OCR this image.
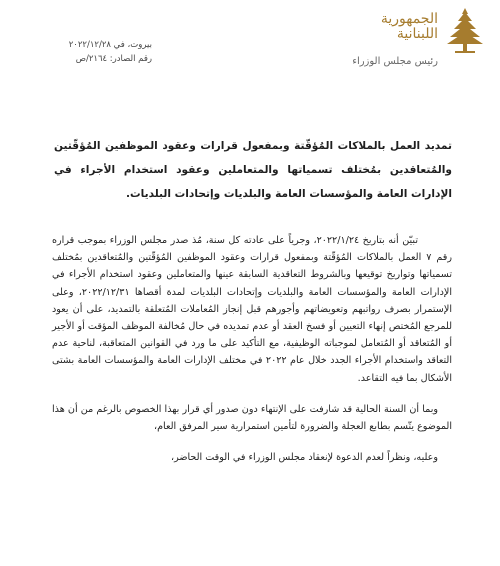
الجمهورية
اللبنانية
رئيس مجلس الوزراء
بيروت، في ٢٠٢٢/١٢/٢٨
رقم الصادر: ٢١٦٤/ص
تمديد العمل بالملاكات المُؤقّتة وبمفعول قرارات وعقود الموظفين المُؤقّتين والمُتعاقدين بمُختلف تسمياتها والمتعاملين وعقود استخدام الأجراء في الإدارات العامة والمؤسسات العامة والبلديات وإتحادات البلديات.

تبيّن أنه بتاريخ ٢٠٢٢/١/٢٤، وجرياً على عادته كل سنة، مُذ صدر مجلس الوزراء بموجب قراره رقم ٧ العمل بالملاكات المُؤقّتة وبمفعول قرارات وعقود الموظفين المُؤقّتين والمُتعاقدين بمُختلف تسمياتها وتواريخ توقيعها وبالشروط التعاقدية السابقة عينها والمتعاملين وعقود استخدام الأجراء في الإدارات العامة والمؤسسات العامة والبلديات وإتحادات البلديات لمدة أقصاها ٢٠٢٢/١٢/٣١، وعلى الإستمرار بصرف رواتبهم وتعويضاتهم وأجورهم قبل إنجاز المُعاملات المُتعلقة بالتمديد، على أن يعود للمرجع المُختص إنهاء التعيين أو فسخ العقد أو عدم تمديده في حال مُخالفة الموظف المؤقت أو الأجير أو المُتعاقد أو المُتعامل لموجباته الوظيفية، مع التأكيد على ما ورد في القوانين المتعاقبة، لناحية عدم التعاقد واستخدام الأجراء الجدد خلال عام ٢٠٢٢ في مختلف الإدارات العامة والمؤسسات العامة بشتى الأشكال بما فيه التقاعد.

وبما أن السنة الحالية قد شارفت على الإنتهاء دون صدور أي قرار بهذا الخصوص بالرغم من أن هذا الموضوع يتّسم بطابع العجلة والضرورة لتأمين استمرارية سير المرفق العام،

وعليه، ونظراً لعدم الدعوة لإنعقاد مجلس الوزراء في الوقت الحاضر،
